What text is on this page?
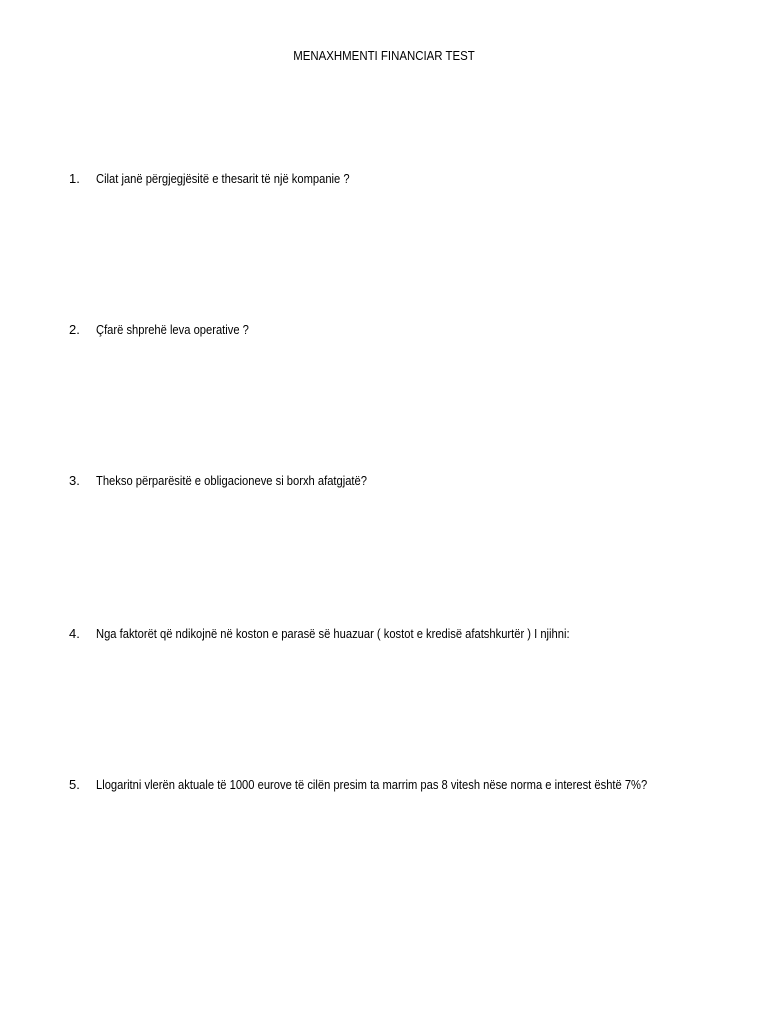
MENAXHMENTI FINANCIAR TEST
1. Cilat janë përgjegjësitë e thesarit të një kompanie ?
2. Çfarë shprehë leva operative ?
3. Thekso përparësitë e obligacioneve si borxh afatgjatë?
4. Nga faktorët që ndikojnë në koston e parasë së huazuar ( kostot e kredisë afatshkurtër ) I njihni:
5. Llogaritni vlerën aktuale të 1000 eurove të cilën presim ta marrim pas 8 vitesh nëse norma e interest është 7%?
